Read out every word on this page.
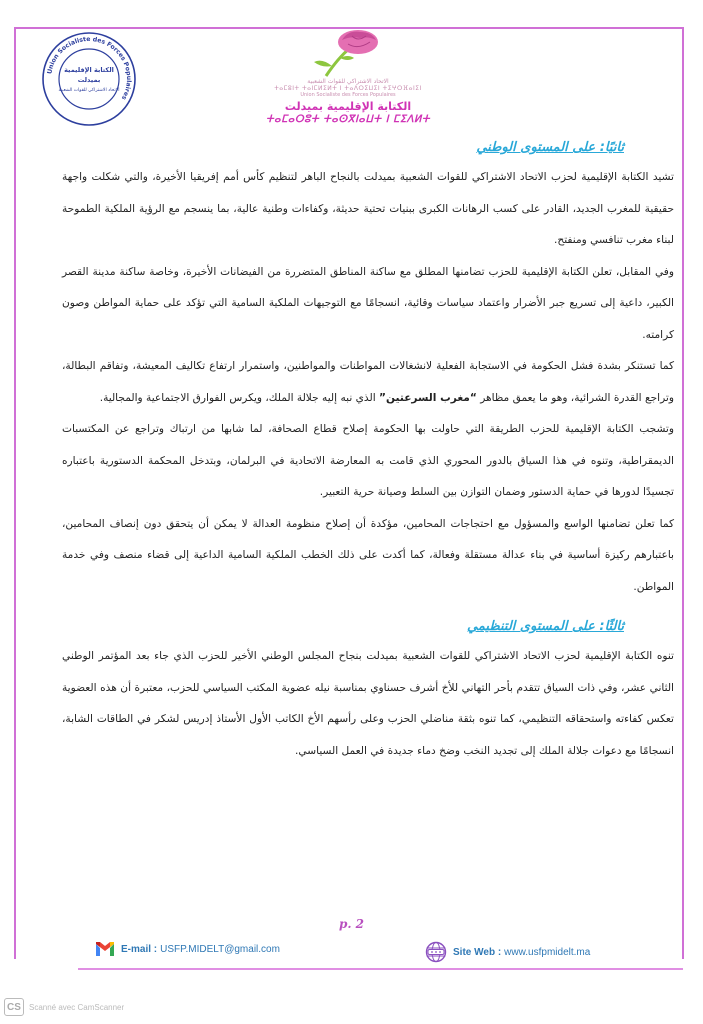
Union Socialiste des Forces Populaires
الكتابة الإقليمية
بميدلت
الاتحاد الاشتراكي للقوات الشعبية
الاتحاد الاشتراكي للقوات الشعبية
ⵜⴰⵎⵓⵏⵜ ⵜⴰⵏⵎⵍⵉⵍⵜ ⵏ ⵜⴰⴷⵔⵉⵡⵉⵏ ⵜⵉⵖⵔⴼⴰⵏⵉⵏ
Union Socialiste des Forces Populaires
الكتابة الإقليمية بميدلت
ⵜⴰⵎⴰⵔⵓⵜ ⵜⴰⵙⴳⵏⴰⵡⵜ ⵏ ⵎⵉⴷⵍⵜ
ثانيًا: على المستوى الوطني

تشيد الكتابة الإقليمية لحزب الاتحاد الاشتراكي للقوات الشعبية بميدلت بالنجاح الباهر لتنظيم كأس أمم إفريقيا الأخيرة، والتي شكلت واجهة حقيقية للمغرب الجديد، القادر على كسب الرهانات الكبرى ببنيات تحتية حديثة، وكفاءات وطنية عالية، بما ينسجم مع الرؤية الملكية الطموحة لبناء مغرب تنافسي ومنفتح.

وفي المقابل، تعلن الكتابة الإقليمية للحزب تضامنها المطلق مع ساكنة المناطق المتضررة من الفيضانات الأخيرة، وخاصة ساكنة مدينة القصر الكبير، داعية إلى تسريع جبر الأضرار واعتماد سياسات وقائية، انسجامًا مع التوجيهات الملكية السامية التي تؤكد على حماية المواطن وصون كرامته.

كما تستنكر بشدة فشل الحكومة في الاستجابة الفعلية لانشغالات المواطنات والمواطنين، واستمرار ارتفاع تكاليف المعيشة، وتفاقم البطالة، وتراجع القدرة الشرائية، وهو ما يعمق مظاهر “مغرب السرعتين” الذي نبه إليه جلالة الملك، ويكرس الفوارق الاجتماعية والمجالية.

وتشجب الكتابة الإقليمية للحزب الطريقة التي حاولت بها الحكومة إصلاح قطاع الصحافة، لما شابها من ارتباك وتراجع عن المكتسبات الديمقراطية، وتنوه في هذا السياق بالدور المحوري الذي قامت به المعارضة الاتحادية في البرلمان، وبتدخل المحكمة الدستورية باعتباره تجسيدًا لدورها في حماية الدستور وضمان التوازن بين السلط وصيانة حرية التعبير.

كما تعلن تضامنها الواسع والمسؤول مع احتجاجات المحامين، مؤكدة أن إصلاح منظومة العدالة لا يمكن أن يتحقق دون إنصاف المحامين، باعتبارهم ركيزة أساسية في بناء عدالة مستقلة وفعالة، كما أكدت على ذلك الخطب الملكية السامية الداعية إلى قضاء منصف وفي خدمة المواطن.

ثالثًا: على المستوى التنظيمي

تنوه الكتابة الإقليمية لحزب الاتحاد الاشتراكي للقوات الشعبية بميدلت بنجاح المجلس الوطني الأخير للحزب الذي جاء بعد المؤتمر الوطني الثاني عشر، وفي ذات السياق تتقدم بأحر التهاني للأخ أشرف حسناوي بمناسبة نيله عضوية المكتب السياسي للحزب، معتبرة أن هذه العضوية تعكس كفاءته واستحقاقه التنظيمي، كما تنوه بثقة مناضلي الحزب وعلى رأسهم الأخ الكاتب الأول الأستاذ إدريس لشكر في الطاقات الشابة، انسجامًا مع دعوات جلالة الملك إلى تجديد النخب وضخ دماء جديدة في العمل السياسي.

p. 2
E-mail : USFP.MIDELT@gmail.com	Site Web : www.usfpmidelt.ma
CS	Scanné avec CamScanner
